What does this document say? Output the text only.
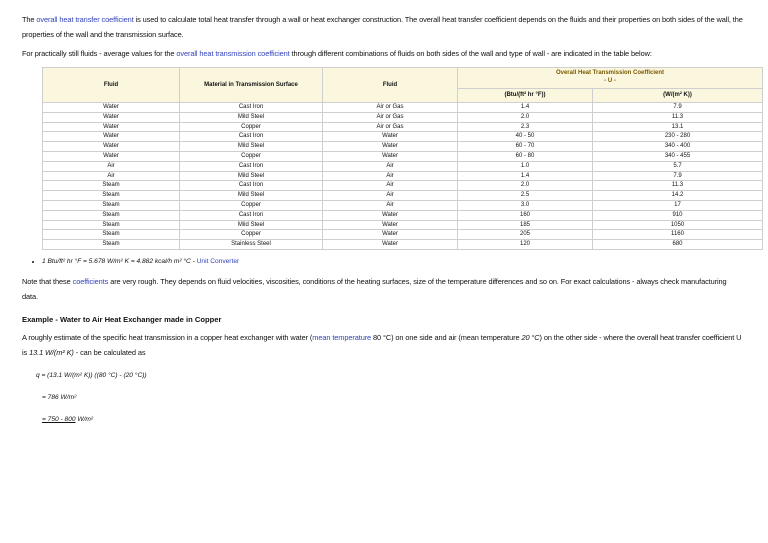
The overall heat transfer coefficient is used to calculate total heat transfer through a wall or heat exchanger construction. The overall heat transfer coefficient depends on the fluids and their properties on both sides of the wall, the properties of the wall and the transmission surface.

For practically still fluids - average values for the overall heat transmission coefficient through different combinations of fluids on both sides of the wall and type of wall - are indicated in the table below:

Fluid	Material in Transmission Surface	Fluid	Overall Heat Transmission Coefficient
- U -	
			(Btu/(ft² hr °F))	(W/(m² K))
Water	Cast Iron	Air or Gas	1.4	7.9
Water	Mild Steel	Air or Gas	2.0	11.3
Water	Copper	Air or Gas	2.3	13.1
Water	Cast Iron	Water	40 - 50	230 - 280
Water	Mild Steel	Water	60 - 70	340 - 400
Water	Copper	Water	60 - 80	340 - 455
Air	Cast Iron	Air	1.0	5.7
Air	Mild Steel	Air	1.4	7.9
Steam	Cast Iron	Air	2.0	11.3
Steam	Mild Steel	Air	2.5	14.2
Steam	Copper	Air	3.0	17
Steam	Cast Iron	Water	160	910
Steam	Mild Steel	Water	185	1050
Steam	Copper	Water	205	1160
Steam	Stainless Steel	Water	120	680
• 1 Btu/ft² hr °F = 5.678 W/m² K = 4.882 kcal/h m² °C - Unit Converter

Note that these coefficients are very rough. They depends on fluid velocities, viscosities, conditions of the heating surfaces, size of the temperature differences and so on. For exact calculations - always check manufacturing data.

Example - Water to Air Heat Exchanger made in Copper

A roughly estimate of the specific heat transmission in a copper heat exchanger with water (mean temperature 80 °C) on one side and air (mean temperature 20 °C) on the other side - where the overall heat transfer coefficient U is 13.1 W/(m² K) - can be calculated as

q = (13.1 W/(m² K)) ((80 °C) - (20 °C))
= 786 W/m²
= 750 - 800 W/m²
